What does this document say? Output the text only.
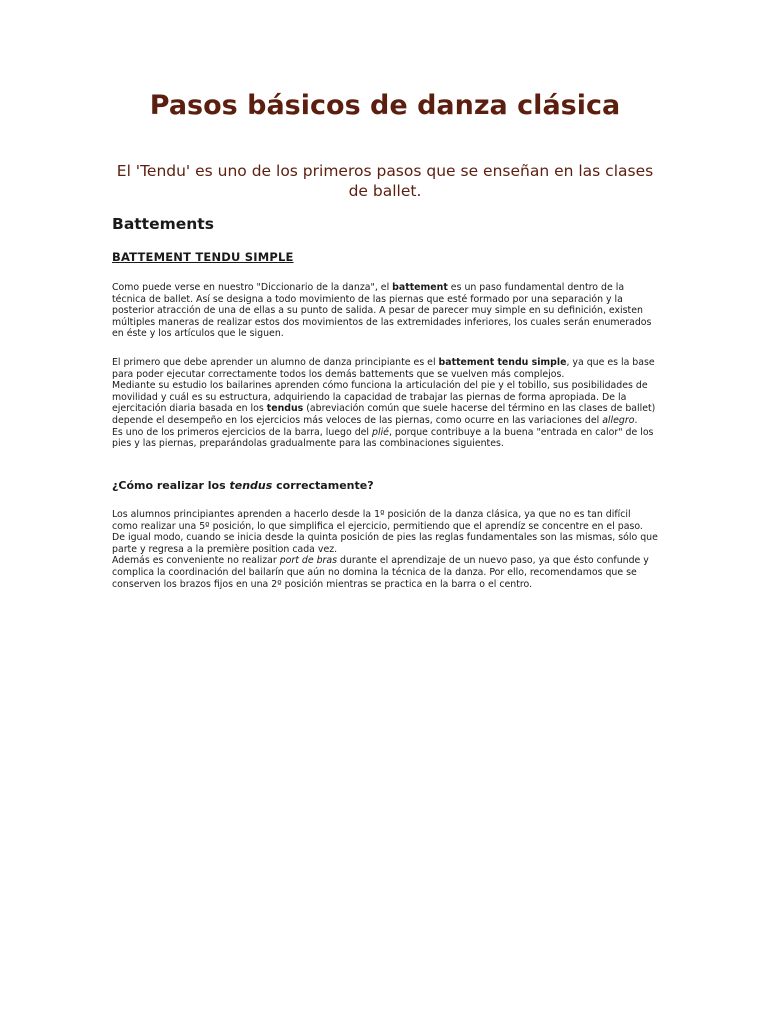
Pasos básicos de danza clásica

El 'Tendu' es uno de los primeros pasos que se enseñan en las clases de ballet.

Battements
BATTEMENT TENDU SIMPLE

Como puede verse en nuestro "Diccionario de la danza", el battement es un paso fundamental dentro de la técnica de ballet. Así se designa a todo movimiento de las piernas que esté formado por una separación y la posterior atracción de una de ellas a su punto de salida. A pesar de parecer muy simple en su definición, existen múltiples maneras de realizar estos dos movimientos de las extremidades inferiores, los cuales serán enumerados en éste y los artículos que le siguen.

El primero que debe aprender un alumno de danza principiante es el battement tendu simple, ya que es la base para poder ejecutar correctamente todos los demás battements que se vuelven más complejos.
Mediante su estudio los bailarines aprenden cómo funciona la articulación del pie y el tobillo, sus posibilidades de movilidad y cuál es su estructura, adquiriendo la capacidad de trabajar las piernas de forma apropiada. De la ejercitación diaria basada en los tendus (abreviación común que suele hacerse del término en las clases de ballet) depende el desempeño en los ejercicios más veloces de las piernas, como ocurre en las variaciones del allegro.
Es uno de los primeros ejercicios de la barra, luego del plié, porque contribuye a la buena "entrada en calor" de los pies y las piernas, preparándolas gradualmente para las combinaciones siguientes.

¿Cómo realizar los tendus correctamente?

Los alumnos principiantes aprenden a hacerlo desde la 1º posición de la danza clásica, ya que no es tan difícil como realizar una 5º posición, lo que simplifica el ejercicio, permitiendo que el aprendíz se concentre en el paso. De igual modo, cuando se inicia desde la quinta posición de pies las reglas fundamentales son las mismas, sólo que parte y regresa a la première position cada vez.
Además es conveniente no realizar port de bras durante el aprendizaje de un nuevo paso, ya que ésto confunde y complica la coordinación del bailarín que aún no domina la técnica de la danza. Por ello, recomendamos que se conserven los brazos fijos en una 2º posición mientras se practica en la barra o el centro.
